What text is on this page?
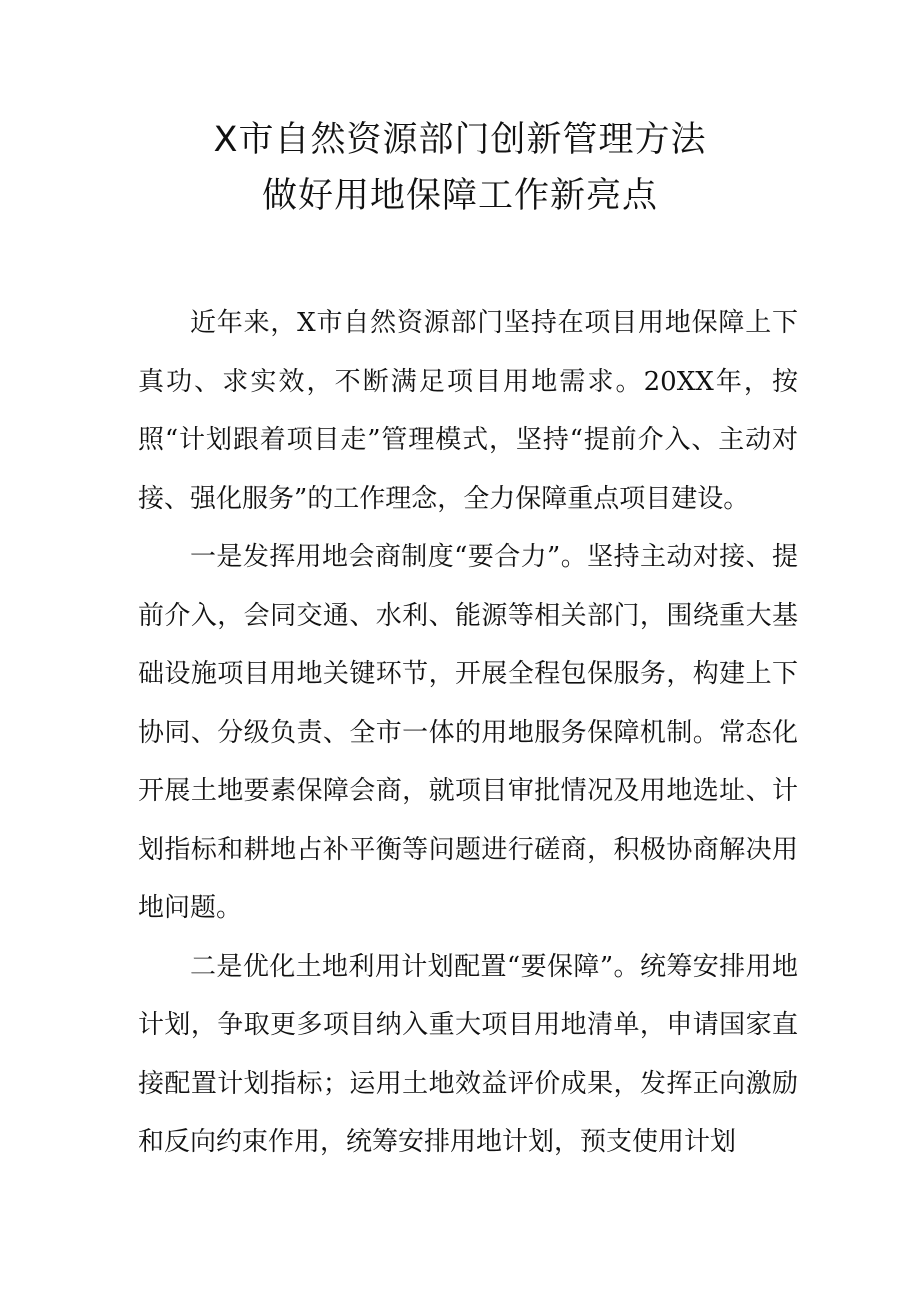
X市自然资源部门创新管理方法
做好用地保障工作新亮点

近年来，X市自然资源部门坚持在项目用地保障上下真功、求实效，不断满足项目用地需求。20XX年，按照“计划跟着项目走”管理模式，坚持“提前介入、主动对接、强化服务”的工作理念，全力保障重点项目建设。

一是发挥用地会商制度“要合力”。坚持主动对接、提前介入，会同交通、水利、能源等相关部门，围绕重大基础设施项目用地关键环节，开展全程包保服务，构建上下协同、分级负责、全市一体的用地服务保障机制。常态化开展土地要素保障会商，就项目审批情况及用地选址、计划指标和耕地占补平衡等问题进行磋商，积极协商解决用地问题。

二是优化土地利用计划配置“要保障”。统筹安排用地计划，争取更多项目纳入重大项目用地清单，申请国家直接配置计划指标；运用土地效益评价成果，发挥正向激励和反向约束作用，统筹安排用地计划，预支使用计划
